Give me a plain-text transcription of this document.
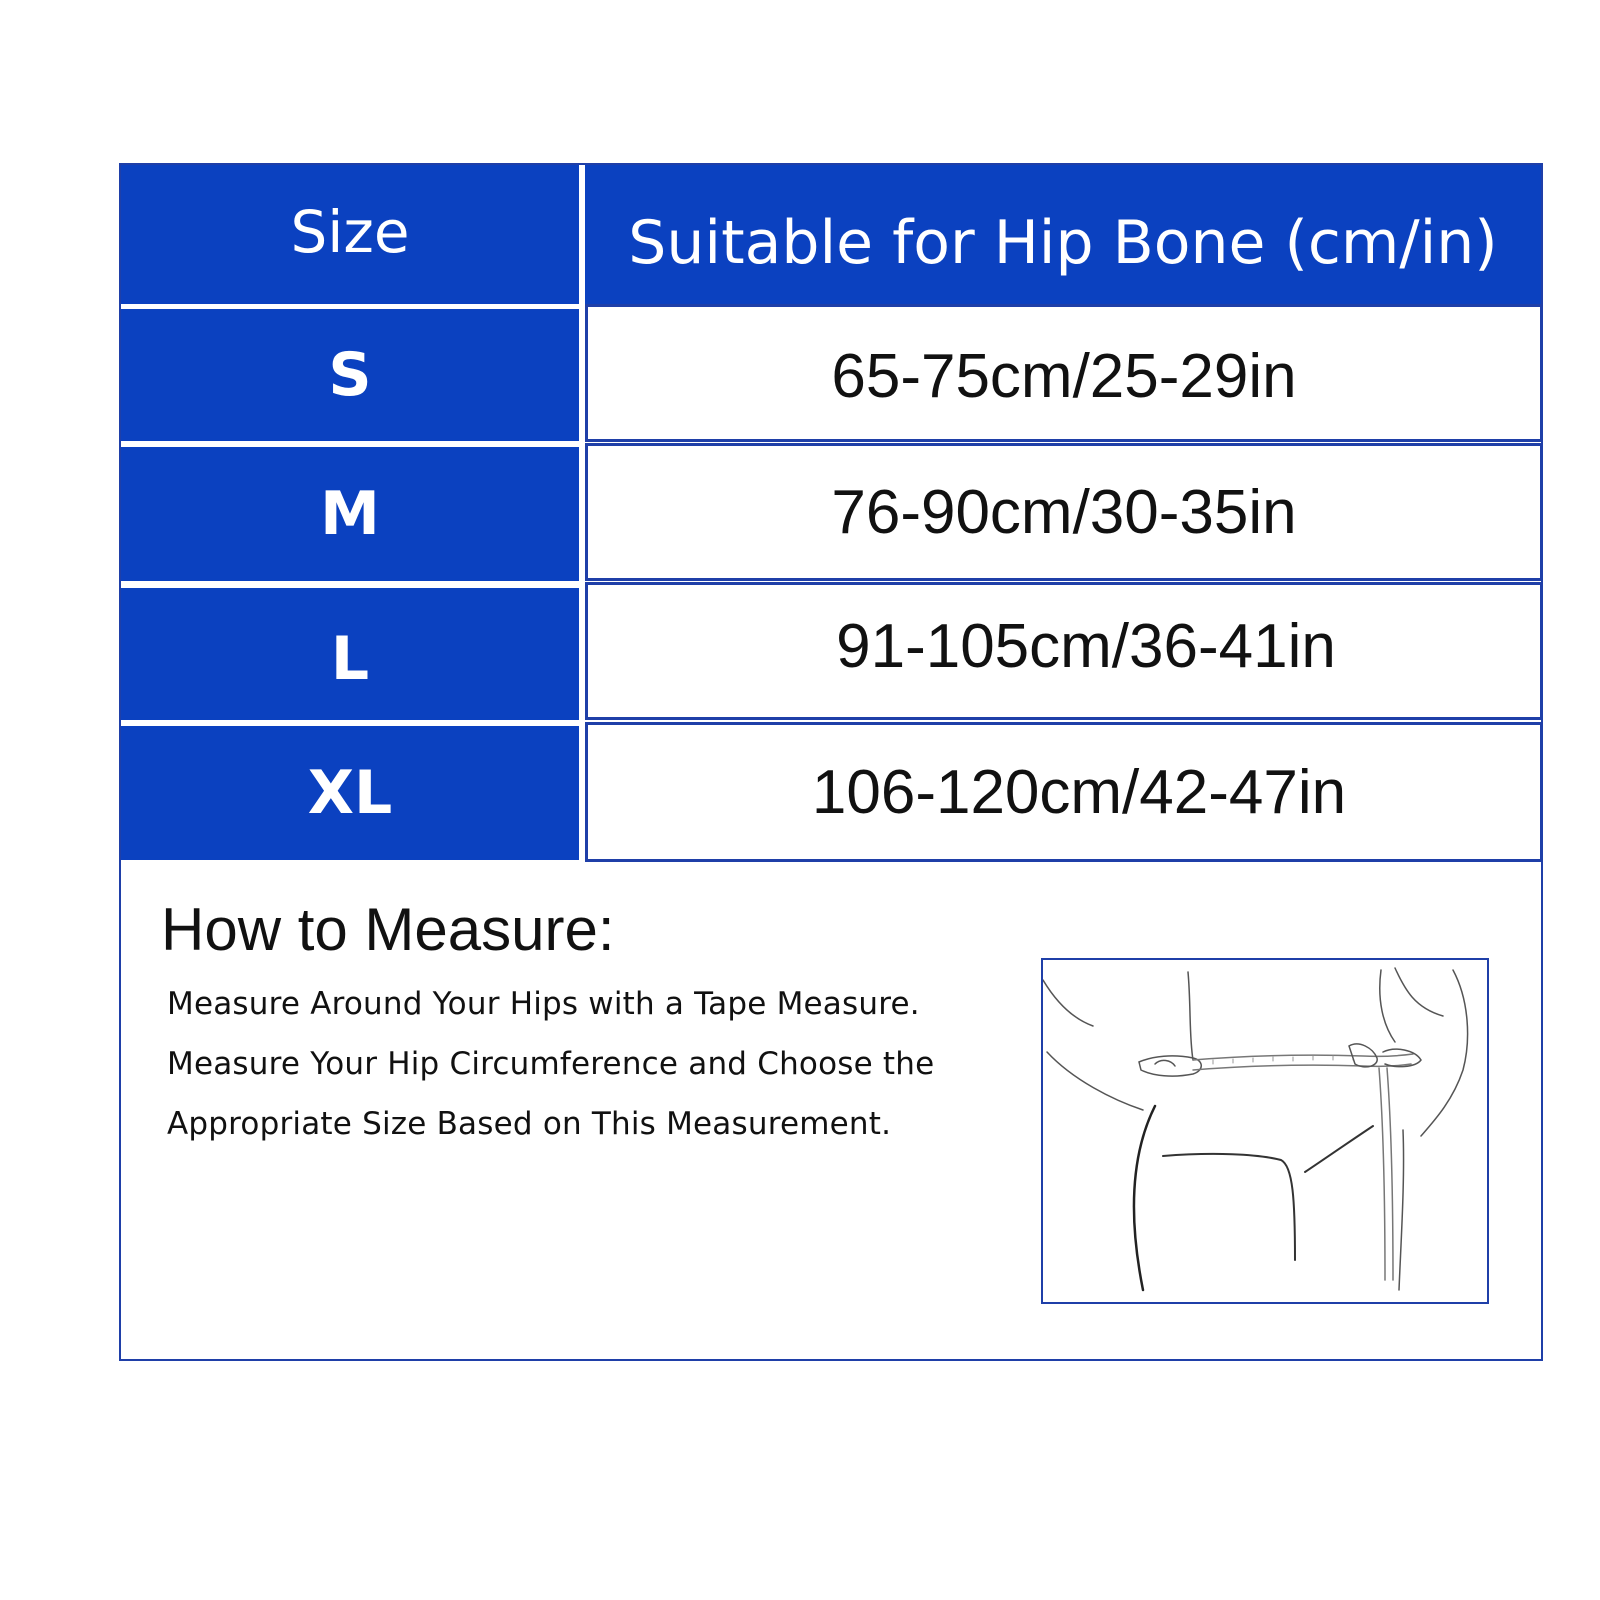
Size	Suitable for Hip Bone (cm/in)
S	65-75cm/25-29in
M	76-90cm/30-35in
L	91-105cm/36-41in
XL	106-120cm/42-47in
How to Measure:
Measure Around Your Hips with a Tape Measure.
Measure Your Hip Circumference and Choose the
Appropriate Size Based on This Measurement.
